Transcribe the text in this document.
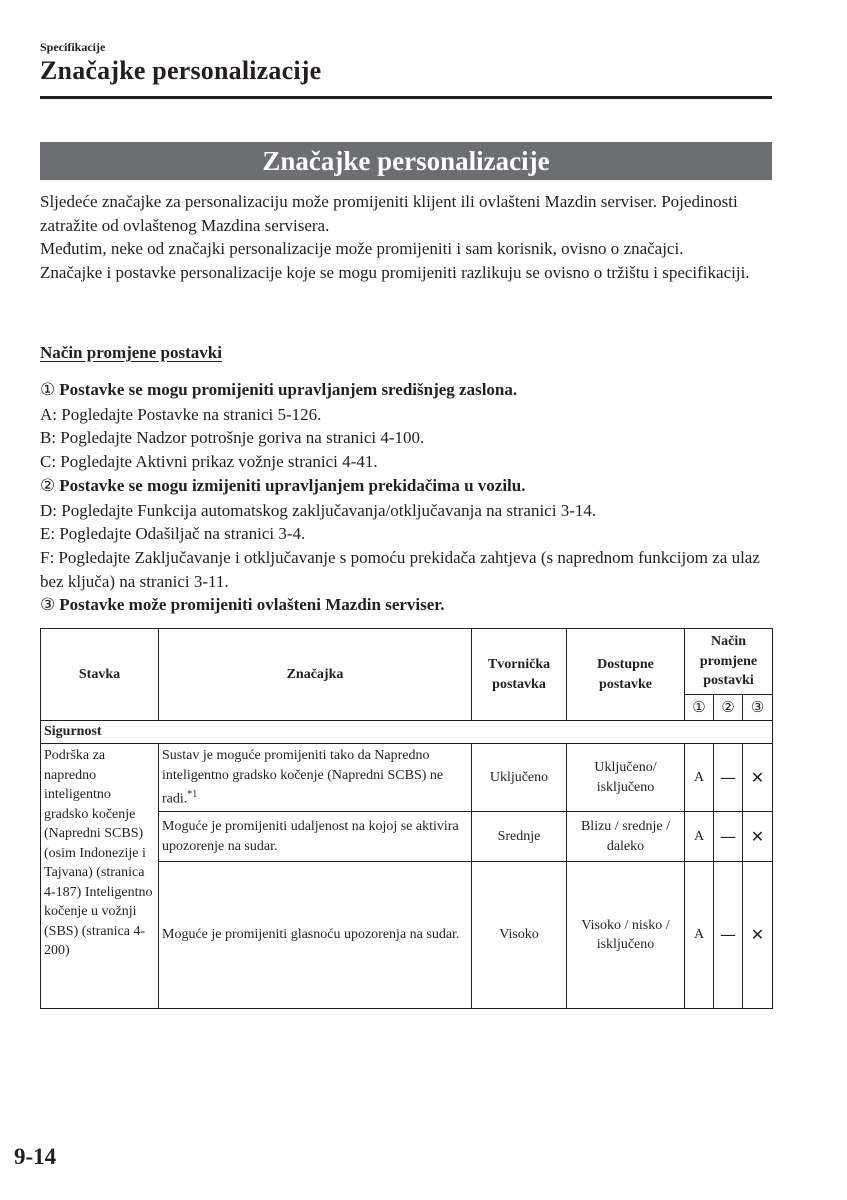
Specifikacije
Značajke personalizacije
Značajke personalizacije

Sljedeće značajke za personalizaciju može promijeniti klijent ili ovlašteni Mazdin serviser. Pojedinosti zatražite od ovlaštenog Mazdina servisera.

Međutim, neke od značajki personalizacije može promijeniti i sam korisnik, ovisno o značajci.

Značajke i postavke personalizacije koje se mogu promijeniti razlikuju se ovisno o tržištu i specifikaciji.

Način promjene postavki

① Postavke se mogu promijeniti upravljanjem središnjeg zaslona.

A: Pogledajte Postavke na stranici 5-126.

B: Pogledajte Nadzor potrošnje goriva na stranici 4-100.

C: Pogledajte Aktivni prikaz vožnje stranici 4-41.

② Postavke se mogu izmijeniti upravljanjem prekidačima u vozilu.

D: Pogledajte Funkcija automatskog zaključavanja/otključavanja na stranici 3-14.

E: Pogledajte Odašiljač na stranici 3-4.

F: Pogledajte Zaključavanje i otključavanje s pomoću prekidača zahtjeva (s naprednom funkcijom za ulaz bez ključa) na stranici 3-11.

③ Postavke može promijeniti ovlašteni Mazdin serviser.

Stavka	Značajka	Tvornička postavka	Dostupne postavke	Način promjene postavki		
				①	②	③
Sigurnost						
Podrška za napredno inteligentno gradsko kočenje (Napredni SCBS) (osim Indonezije i Tajvana) (stranica 4-187) Inteligentno kočenje u vožnji (SBS) (stranica 4-200)	Sustav je moguće promijeniti tako da Napredno inteligentno gradsko kočenje (Napredni SCBS) ne radi.$^{*1}$	Uključeno	Uključeno/ isključeno	A	—	✕
	Moguće je promijeniti udaljenost na kojoj se aktivira upozorenje na sudar.	Srednje	Blizu / srednje / daleko	A	—	✕
	Moguće je promijeniti glasnoću upozorenja na sudar.	Visoko	Visoko / nisko / isključeno	A	—	✕
9-14
